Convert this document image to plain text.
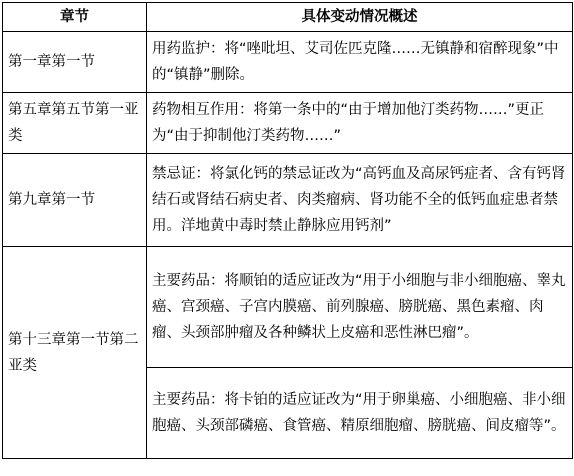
章节	具体变动情况概述
第一章第一节	用药监护：将“唑吡坦、艾司佐匹克隆……无镇静和宿醉现象”中的“镇静”删除。
第五章第五节第一亚类	药物相互作用：将第一条中的“由于增加他汀类药物……”更正为“由于抑制他汀类药物……”
第九章第一节	禁忌证：将氯化钙的禁忌证改为“高钙血及高尿钙症者、含有钙肾结石或肾结石病史者、肉类瘤病、肾功能不全的低钙血症患者禁用。洋地黄中毒时禁止静脉应用钙剂”
第十三章第一节第二亚类	主要药品：将顺铂的适应证改为“用于小细胞与非小细胞癌、睾丸癌、宫颈癌、子宫内膜癌、前列腺癌、膀胱癌、黑色素瘤、肉瘤、头颈部肿瘤及各种鳞状上皮癌和恶性淋巴瘤”。
	主要药品：将卡铂的适应证改为“用于卵巢癌、小细胞癌、非小细胞癌、头颈部磷癌、食管癌、精原细胞瘤、膀胱癌、间皮瘤等”。
